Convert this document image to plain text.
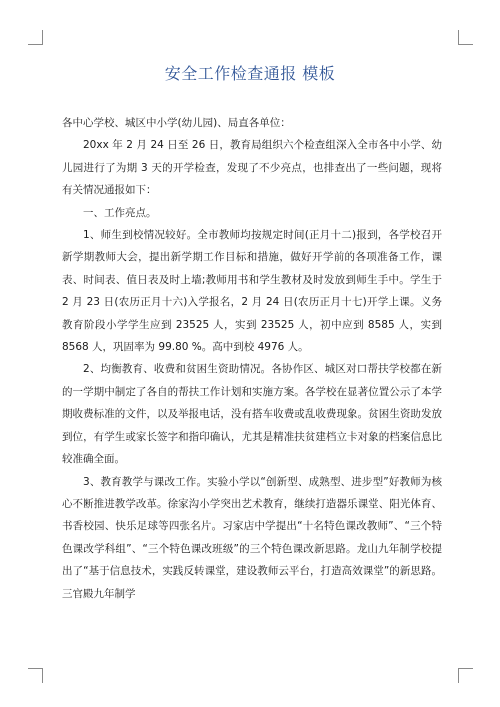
安全工作检查通报 模板

各中心学校、城区中小学(幼儿园)、局直各单位：

20xx 年 2 月 24 日至 26 日，教育局组织六个检查组深入全市各中小学、幼儿园进行了为期 3 天的开学检查，发现了不少亮点，也排查出了一些问题，现将有关情况通报如下：

一、工作亮点。

1、师生到校情况较好。全市教师均按规定时间(正月十二)报到，各学校召开新学期教师大会，提出新学期工作目标和措施，做好开学前的各项准备工作，课表、时间表、值日表及时上墙;教师用书和学生教材及时发放到师生手中。学生于 2 月 23 日(农历正月十六)入学报名，2 月 24 日(农历正月十七)开学上课。义务教育阶段小学学生应到 23525 人，实到 23525 人，初中应到 8585 人，实到 8568 人，巩固率为 99.80 %。高中到校 4976 人。

2、均衡教育、收费和贫困生资助情况。各协作区、城区对口帮扶学校都在新的一学期中制定了各自的帮扶工作计划和实施方案。各学校在显著位置公示了本学期收费标准的文件，以及举报电话，没有搭车收费或乱收费现象。贫困生资助发放到位，有学生或家长签字和指印确认，尤其是精准扶贫建档立卡对象的档案信息比较准确全面。

3、教育教学与课改工作。实验小学以“创新型、成熟型、进步型”好教师为核心不断推进教学改革。徐家沟小学突出艺术教育，继续打造器乐课堂、阳光体育、书香校园、快乐足球等四张名片。习家店中学提出“十名特色课改教师”、“三个特色课改学科组”、“三个特色课改班级”的三个特色课改新思路。龙山九年制学校提出了“基于信息技术，实践反转课堂，建设教师云平台，打造高效课堂”的新思路。三官殿九年制学
